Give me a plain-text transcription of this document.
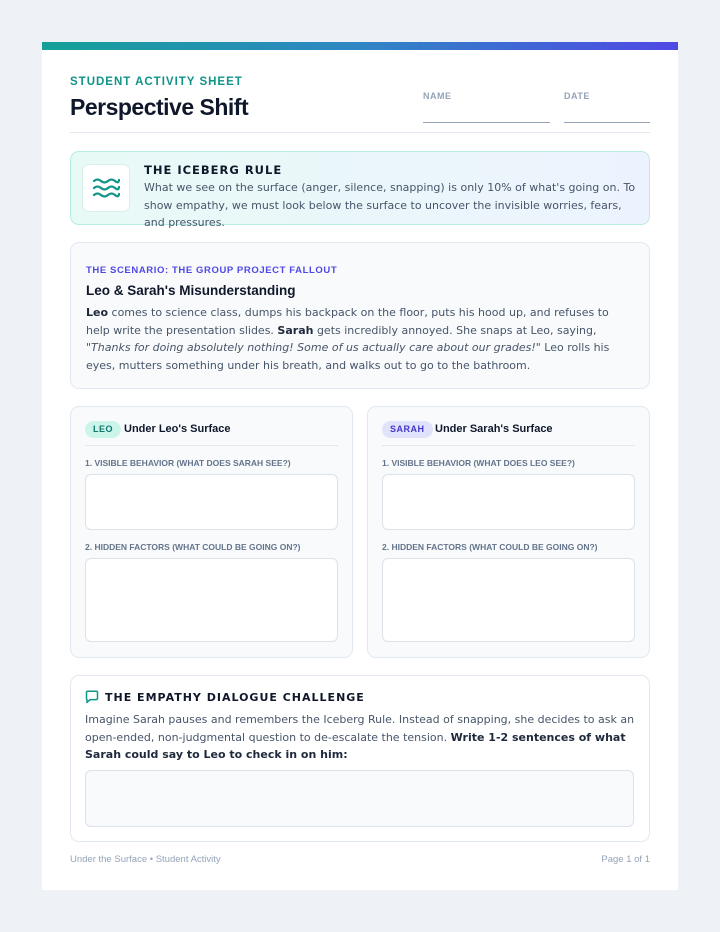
STUDENT ACTIVITY SHEET
Perspective Shift	NAME	DATE
THE ICEBERG RULE
What we see on the surface (anger, silence, snapping) is only 10% of what's going on. To show empathy, we must look below the surface to uncover the invisible worries, fears, and pressures.
THE SCENARIO: THE GROUP PROJECT FALLOUT
Leo & Sarah's Misunderstanding
Leo comes to science class, dumps his backpack on the floor, puts his hood up, and refuses to help write the presentation slides. Sarah gets incredibly annoyed. She snaps at Leo, saying, "Thanks for doing absolutely nothing! Some of us actually care about our grades!" Leo rolls his eyes, mutters something under his breath, and walks out to go to the bathroom.
LEO Under Leo's Surface
1. VISIBLE BEHAVIOR (WHAT DOES SARAH SEE?)
2. HIDDEN FACTORS (WHAT COULD BE GOING ON?)
SARAH Under Sarah's Surface
1. VISIBLE BEHAVIOR (WHAT DOES LEO SEE?)
2. HIDDEN FACTORS (WHAT COULD BE GOING ON?)
THE EMPATHY DIALOGUE CHALLENGE
Imagine Sarah pauses and remembers the Iceberg Rule. Instead of snapping, she decides to ask an open-ended, non-judgmental question to de-escalate the tension. Write 1-2 sentences of what Sarah could say to Leo to check in on him:
Under the Surface • Student Activity	Page 1 of 1
